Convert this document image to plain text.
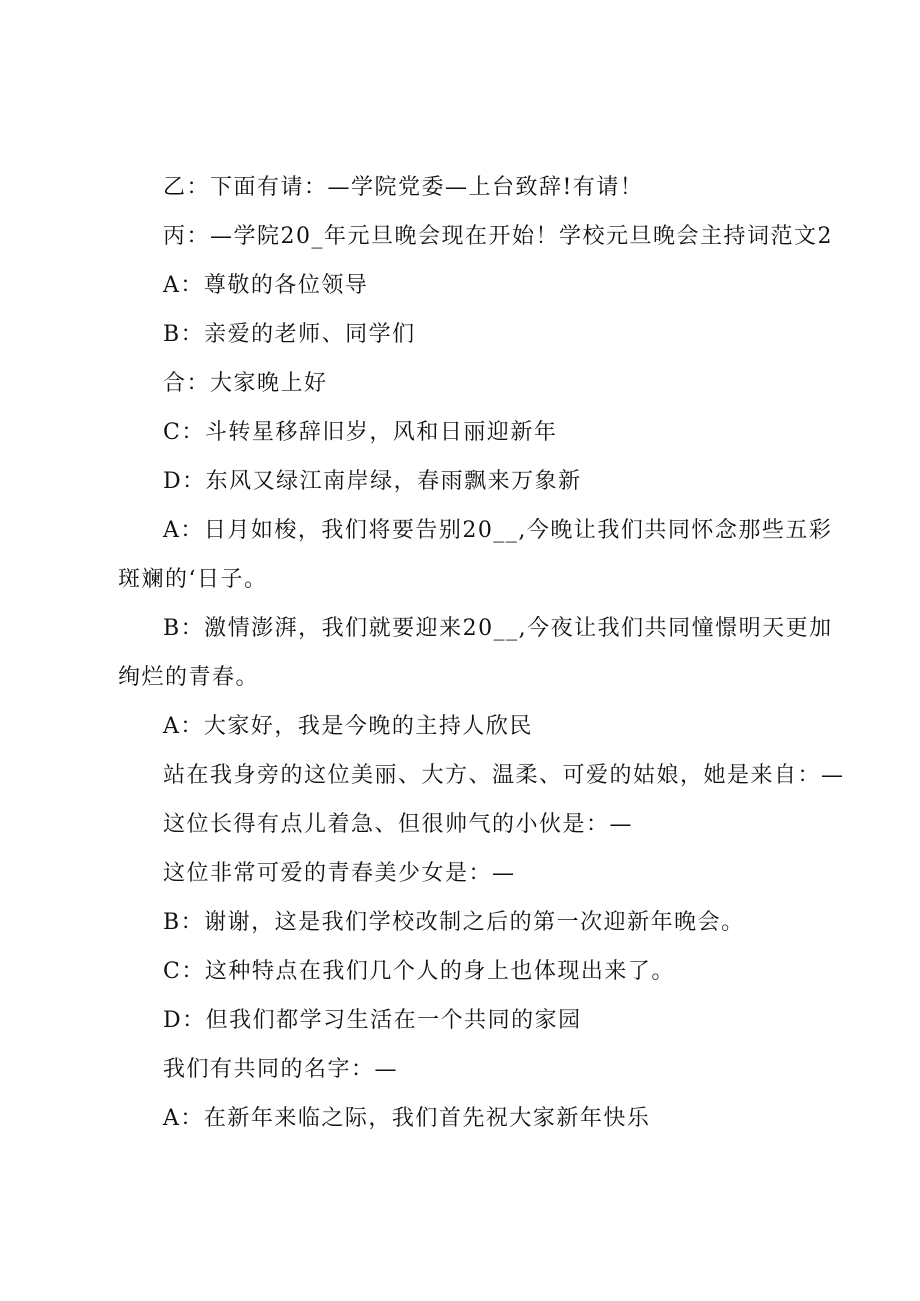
乙：下面有请：—学院党委—上台致辞!有请！

丙：—学院20_年元旦晚会现在开始！学校元旦晚会主持词范文2

A：尊敬的各位领导

B：亲爱的老师、同学们

合：大家晚上好

C：斗转星移辞旧岁，风和日丽迎新年

D：东风又绿江南岸绿，春雨飘来万象新

A：日月如梭，我们将要告别20__,今晚让我们共同怀念那些五彩斑斓的‘日子。

B：激情澎湃，我们就要迎来20__,今夜让我们共同憧憬明天更加绚烂的青春。

A：大家好，我是今晚的主持人欣民

站在我身旁的这位美丽、大方、温柔、可爱的姑娘，她是来自：—

这位长得有点儿着急、但很帅气的小伙是：—

这位非常可爱的青春美少女是：—

B：谢谢，这是我们学校改制之后的第一次迎新年晚会。

C：这种特点在我们几个人的身上也体现出来了。

D：但我们都学习生活在一个共同的家园

我们有共同的名字：—

A：在新年来临之际，我们首先祝大家新年快乐
